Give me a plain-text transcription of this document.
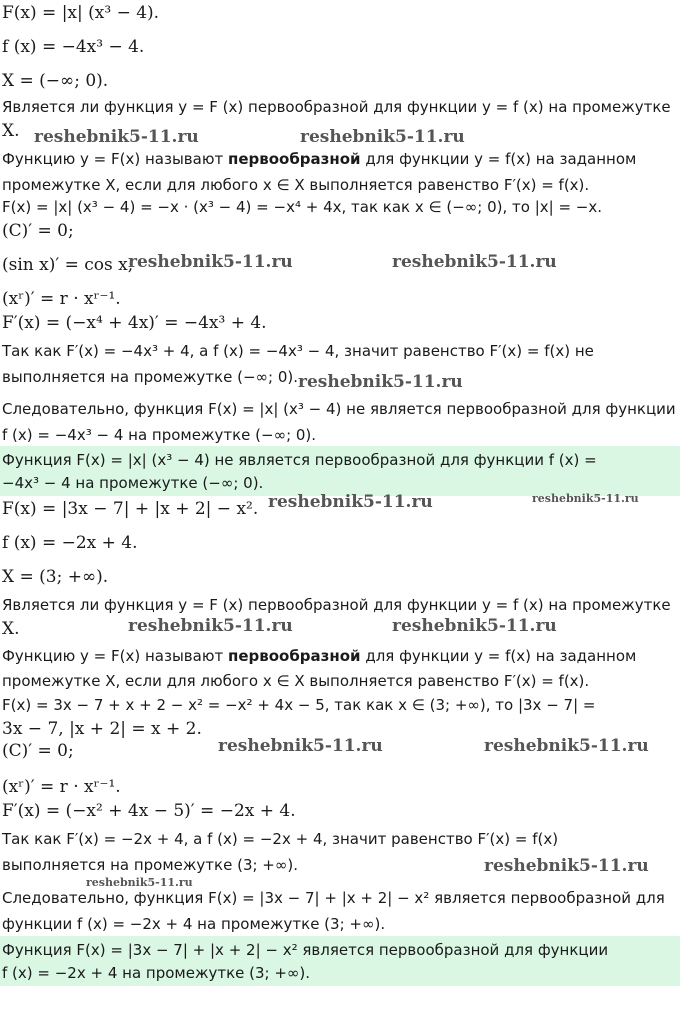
F(x) = |x| (x³ − 4).
f (x) = −4x³ − 4.
X = (−∞; 0).
Является ли функция y = F (x) первообразной для функции y = f (x) на промежутке
X.
Функцию y = F(x) называют первообразной для функции y = f(x) на заданном
промежутке X, если для любого x ∈ X выполняется равенство F′(x) = f(x).
F(x) = |x| (x³ − 4) = −x · (x³ − 4) = −x⁴ + 4x, так как x ∈ (−∞; 0), то |x| = −x.
(C)′ = 0;
(sin x)′ = cos x;
(xʳ)′ = r · xʳ⁻¹.
F′(x) = (−x⁴ + 4x)′ = −4x³ + 4.
Так как F′(x) = −4x³ + 4, а f (x) = −4x³ − 4, значит равенство F′(x) = f(x) не
выполняется на промежутке (−∞; 0).
Следовательно, функция F(x) = |x| (x³ − 4) не является первообразной для функции
f (x) = −4x³ − 4 на промежутке (−∞; 0).
Функция F(x) = |x| (x³ − 4) не является первообразной для функции f (x) =
−4x³ − 4 на промежутке (−∞; 0).
F(x) = |3x − 7| + |x + 2| − x².
f (x) = −2x + 4.
X = (3; +∞).
Является ли функция y = F (x) первообразной для функции y = f (x) на промежутке
X.
Функцию y = F(x) называют первообразной для функции y = f(x) на заданном
промежутке X, если для любого x ∈ X выполняется равенство F′(x) = f(x).
F(x) = 3x − 7 + x + 2 − x² = −x² + 4x − 5, так как x ∈ (3; +∞), то |3x − 7| =
3x − 7, |x + 2| = x + 2.
(C)′ = 0;
(xʳ)′ = r · xʳ⁻¹.
F′(x) = (−x² + 4x − 5)′ = −2x + 4.
Так как F′(x) = −2x + 4, а f (x) = −2x + 4, значит равенство F′(x) = f(x)
выполняется на промежутке (3; +∞).
Следовательно, функция F(x) = |3x − 7| + |x + 2| − x² является первообразной для
функции f (x) = −2x + 4 на промежутке (3; +∞).
Функция F(x) = |3x − 7| + |x + 2| − x² является первообразной для функции
f (x) = −2x + 4 на промежутке (3; +∞).
reshebnik5-11.ru	reshebnik5-11.ru
reshebnik5-11.ru	reshebnik5-11.ru
reshebnik5-11.ru
reshebnik5-11.ru	reshebnik5-11.ru
reshebnik5-11.ru	reshebnik5-11.ru
reshebnik5-11.ru	reshebnik5-11.ru
reshebnik5-11.ru
reshebnik5-11.ru
